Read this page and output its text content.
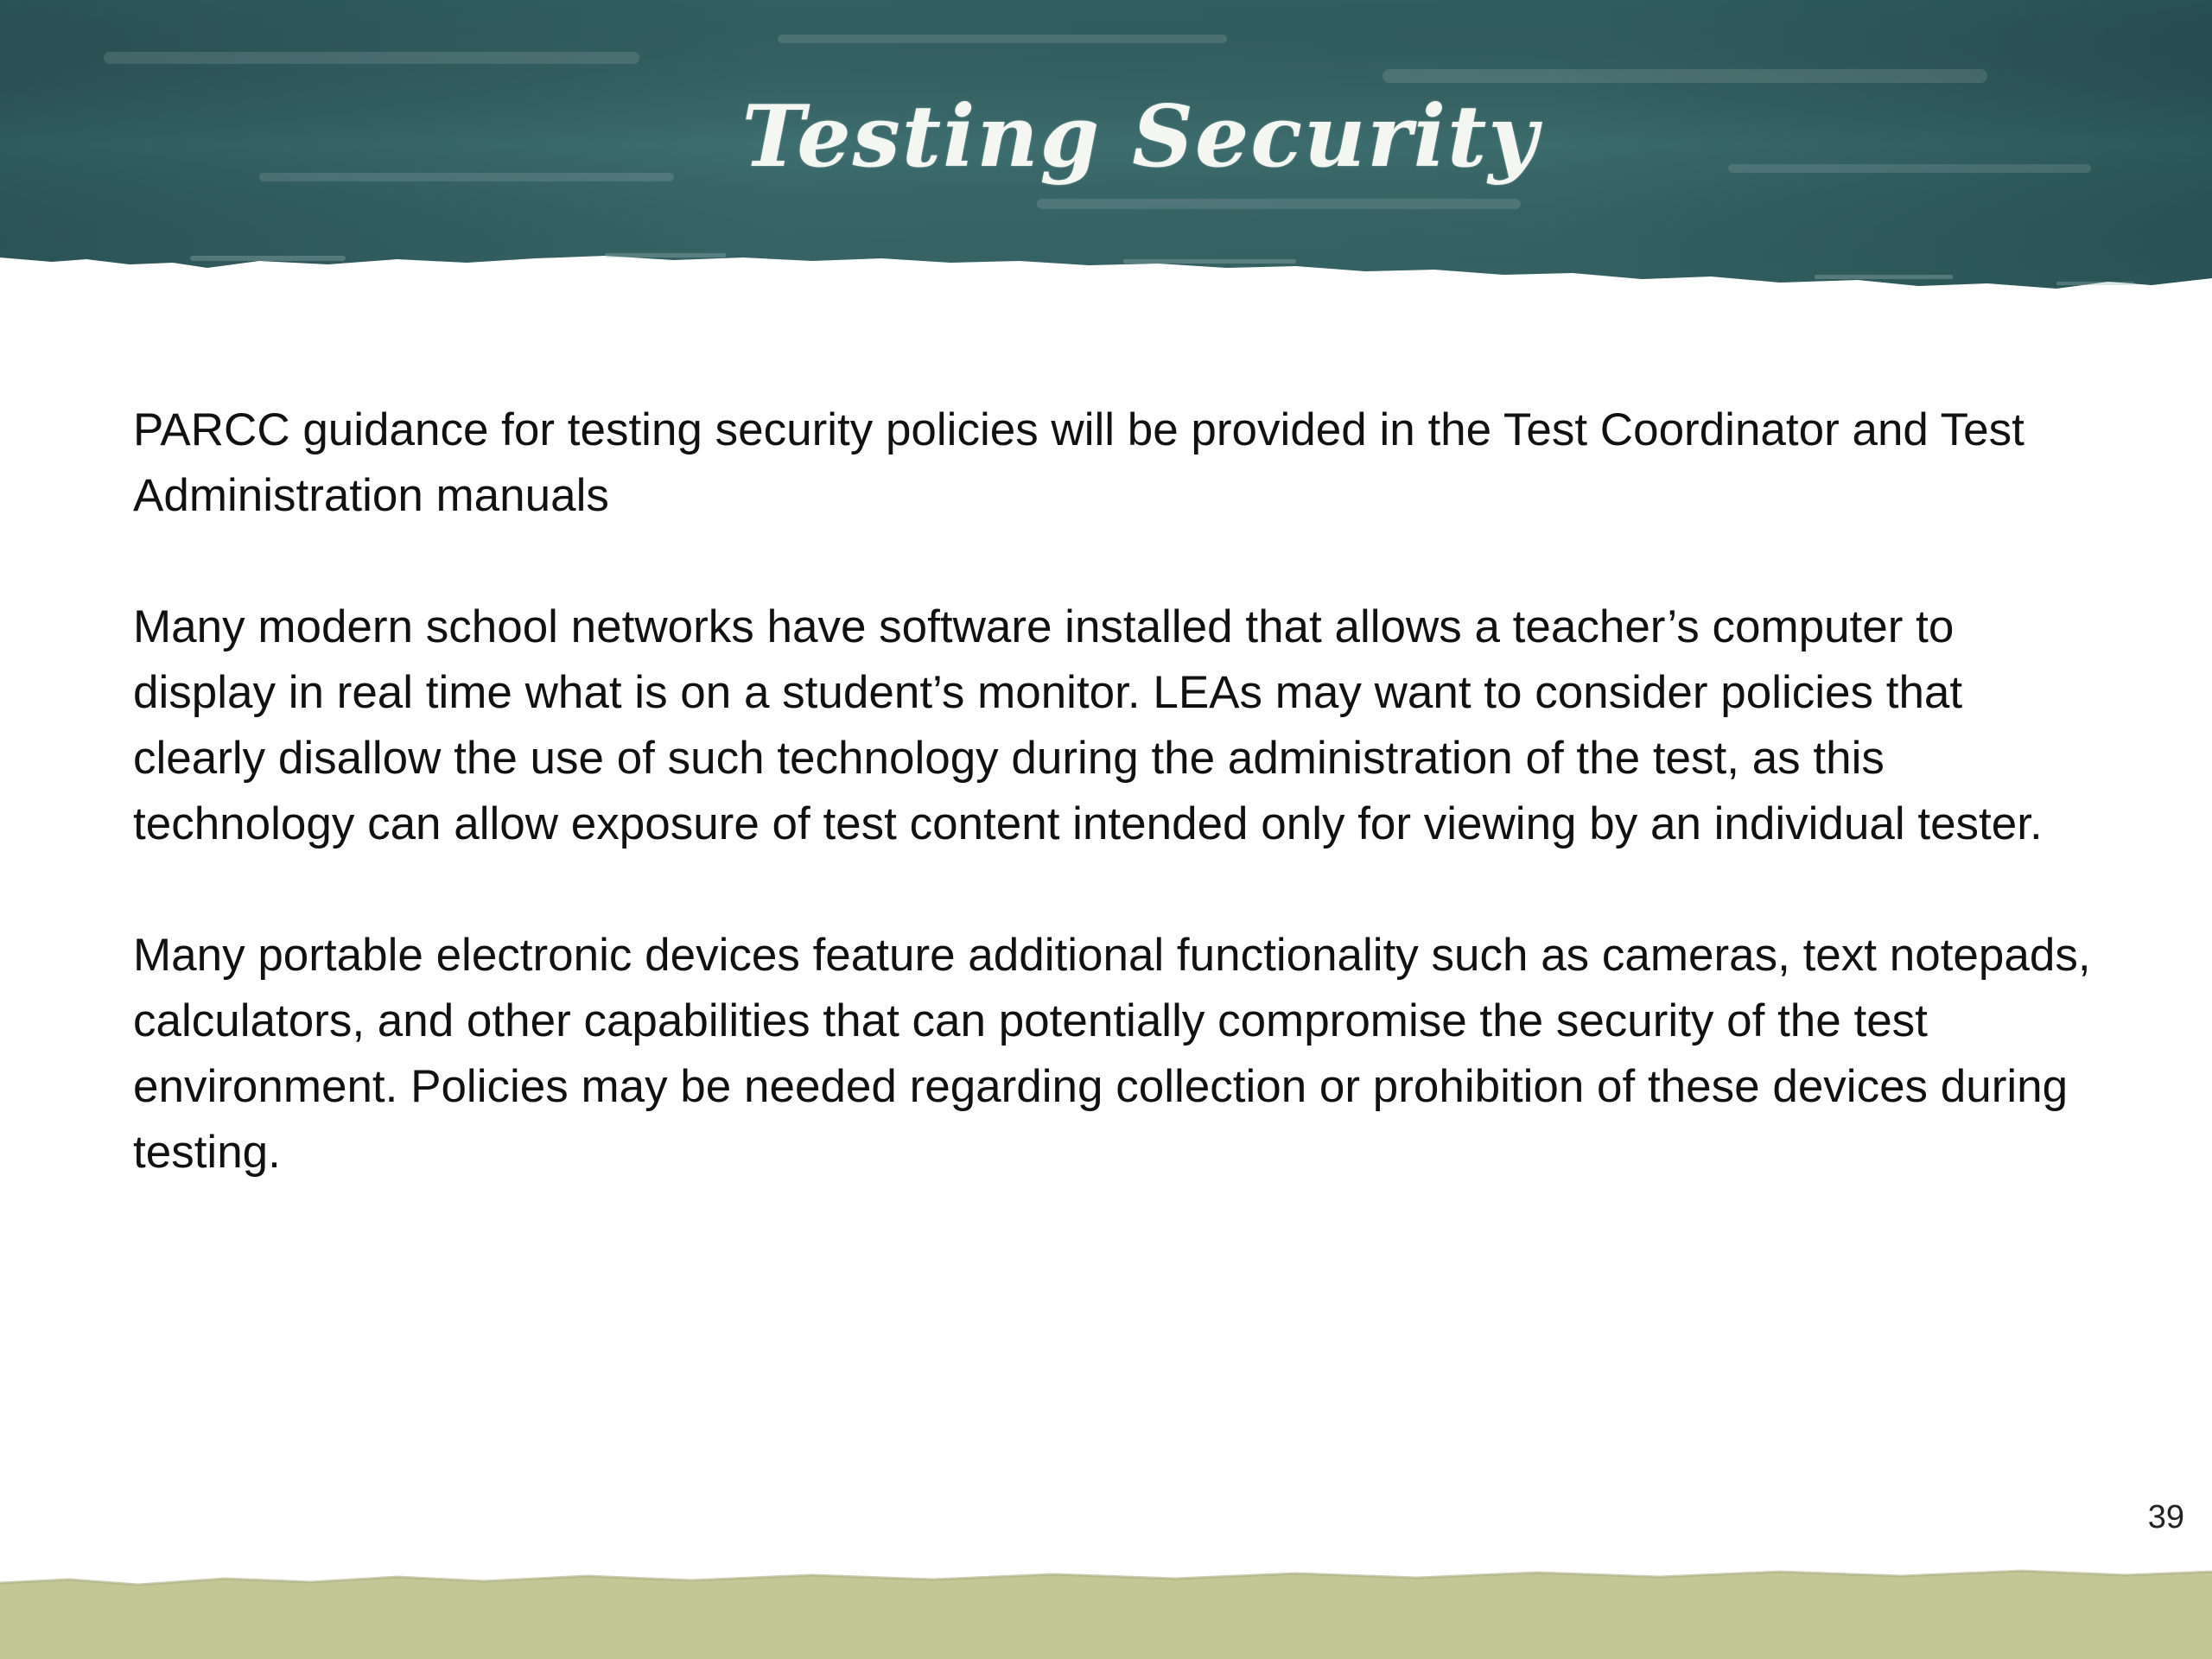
Testing Security

PARCC guidance for testing security policies will be provided in the Test Coordinator and Test Administration manuals

Many modern school networks have software installed that allows a teacher’s computer to display in real time what is on a student’s monitor. LEAs may want to consider policies that clearly disallow the use of such technology during the administration of the test, as this technology can allow exposure of test content intended only for viewing by an individual tester.

Many portable electronic devices feature additional functionality such as cameras, text notepads, calculators, and other capabilities that can potentially compromise the security of the test environment. Policies may be needed regarding collection or prohibition of these devices during testing.

39
